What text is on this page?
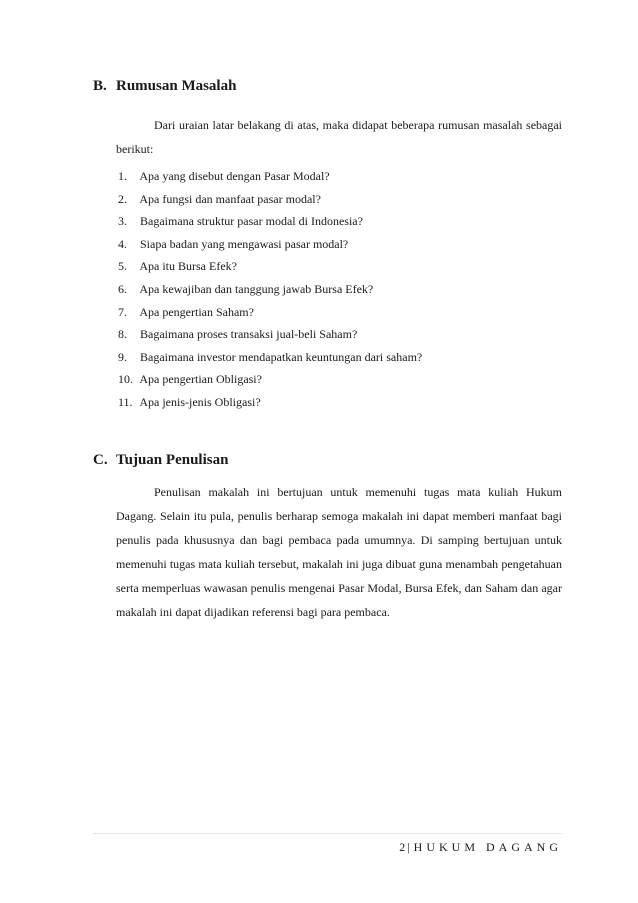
B. Rumusan Masalah

Dari uraian latar belakang di atas, maka didapat beberapa rumusan masalah sebagai berikut:

1. Apa yang disebut dengan Pasar Modal?
2. Apa fungsi dan manfaat pasar modal?
3. Bagaimana struktur pasar modal di Indonesia?
4. Siapa badan yang mengawasi pasar modal?
5. Apa itu Bursa Efek?
6. Apa kewajiban dan tanggung jawab Bursa Efek?
7. Apa pengertian Saham?
8. Bagaimana proses transaksi jual-beli Saham?
9. Bagaimana investor mendapatkan keuntungan dari saham?
10. Apa pengertian Obligasi?
11. Apa jenis-jenis Obligasi?
C. Tujuan Penulisan

Penulisan makalah ini bertujuan untuk memenuhi tugas mata kuliah Hukum Dagang. Selain itu pula, penulis berharap semoga makalah ini dapat memberi manfaat bagi penulis pada khususnya dan bagi pembaca pada umumnya. Di samping bertujuan untuk memenuhi tugas mata kuliah tersebut, makalah ini juga dibuat guna menambah pengetahuan serta memperluas wawasan penulis mengenai Pasar Modal, Bursa Efek, dan Saham dan agar makalah ini dapat dijadikan referensi bagi para pembaca.

2 | HUKUM DAGANG
